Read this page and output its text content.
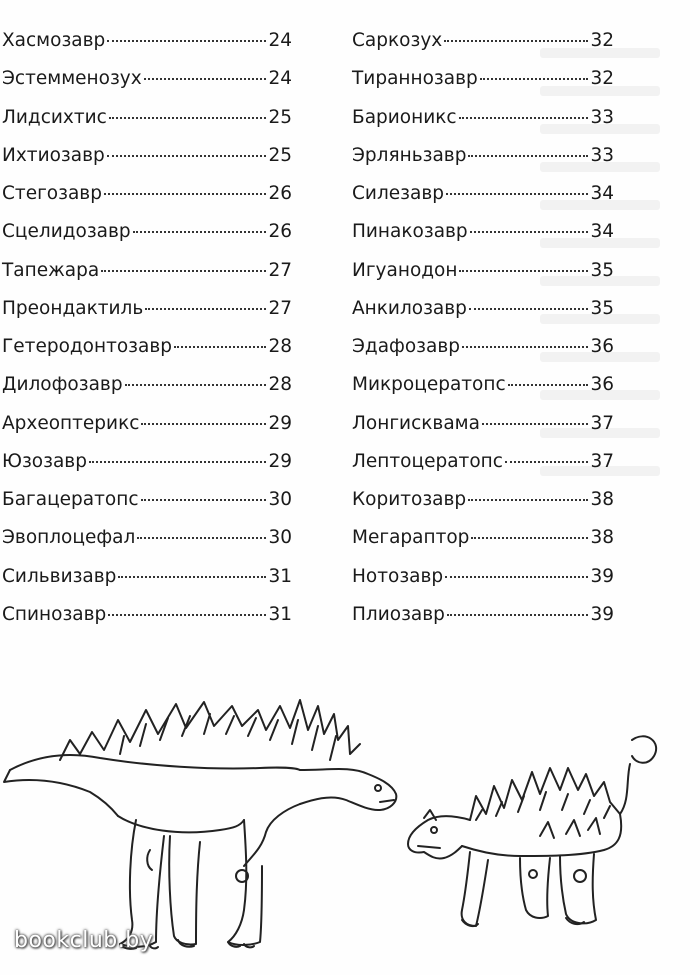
Хасмозавр	24
Эстемменозух	24
Лидсихтис	25
Ихтиозавр	25
Стегозавр	26
Сцелидозавр	26
Тапежара	27
Преондактиль	27
Гетеродонтозавр	28
Дилофозавр	28
Археоптерикс	29
Юзозавр	29
Багацератопс	30
Эвоплоцефал	30
Сильвизавр	31
Спинозавр	31
Саркозух	32
Тираннозавр	32
Барионикс	33
Эрляньзавр	33
Силезавр	34
Пинакозавр	34
Игуанодон	35
Анкилозавр	35
Эдафозавр	36
Микроцератопс	36
Лонгисквама	37
Лептоцератопс	37
Коритозавр	38
Мегараптор	38
Нотозавр	39
Плиозавр	39
bookclub.by
